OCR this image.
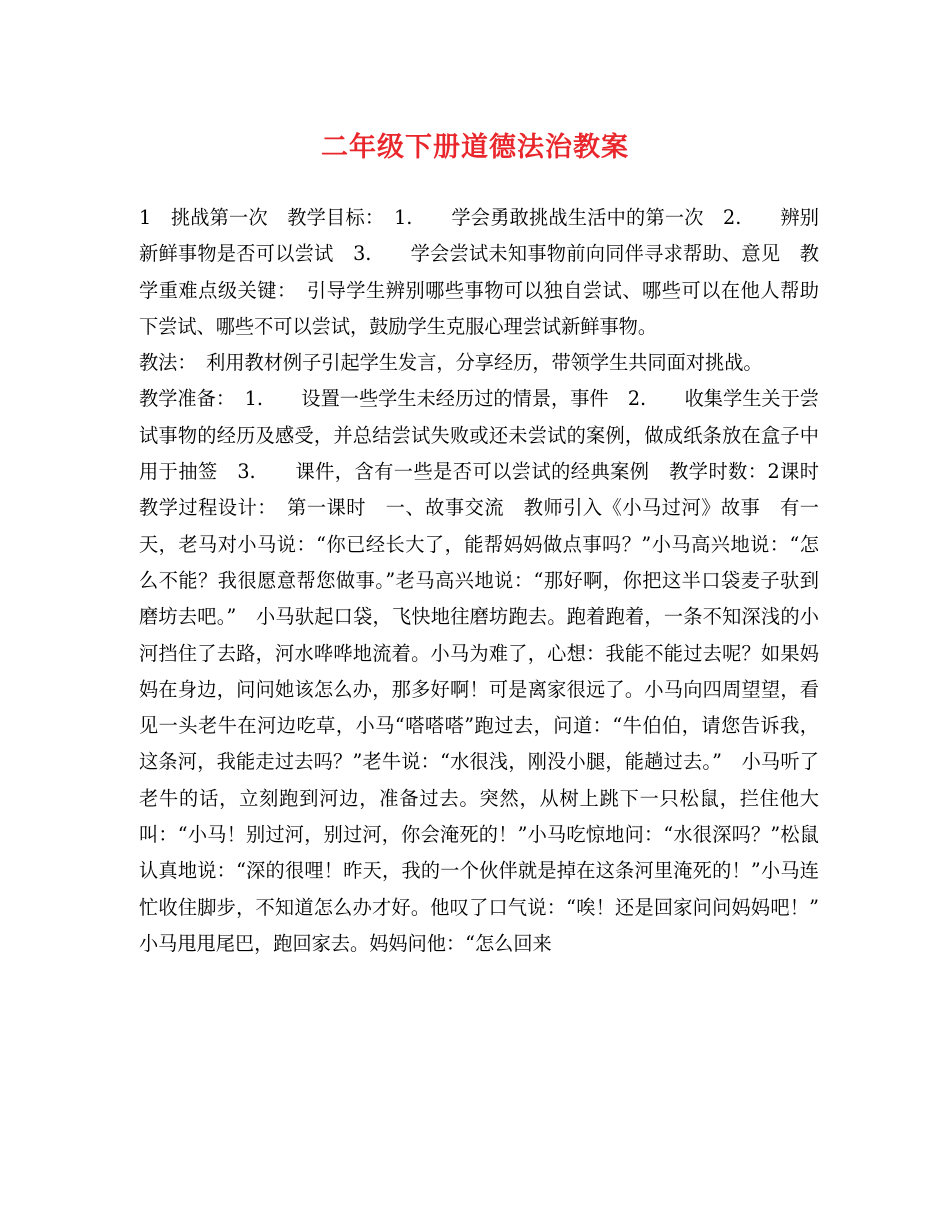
二年级下册道德法治教案

1　挑战第一次　教学目标：　1.　　学会勇敢挑战生活中的第一次　2.　　辨别新鲜事物是否可以尝试　3.　　学会尝试未知事物前向同伴寻求帮助、意见　教学重难点级关键：　引导学生辨别哪些事物可以独自尝试、哪些可以在他人帮助下尝试、哪些不可以尝试，鼓励学生克服心理尝试新鲜事物。

教法：　利用教材例子引起学生发言，分享经历，带领学生共同面对挑战。

教学准备：　1.　　设置一些学生未经历过的情景，事件　2.　　收集学生关于尝试事物的经历及感受，并总结尝试失败或还未尝试的案例，做成纸条放在盒子中用于抽签　3.　　课件，含有一些是否可以尝试的经典案例　教学时数：2课时　教学过程设计：　第一课时　一、故事交流　教师引入《小马过河》故事　有一天，老马对小马说：“你已经长大了，能帮妈妈做点事吗？”小马高兴地说：“怎么不能？我很愿意帮您做事。”老马高兴地说：“那好啊，你把这半口袋麦子驮到磨坊去吧。”　小马驮起口袋，飞快地往磨坊跑去。跑着跑着，一条不知深浅的小河挡住了去路，河水哗哗地流着。小马为难了，心想：我能不能过去呢？如果妈妈在身边，问问她该怎么办，那多好啊！可是离家很远了。小马向四周望望，看见一头老牛在河边吃草，小马“嗒嗒嗒”跑过去，问道：“牛伯伯，请您告诉我，这条河，我能走过去吗？”老牛说：“水很浅，刚没小腿，能趟过去。”　小马听了老牛的话，立刻跑到河边，准备过去。突然，从树上跳下一只松鼠，拦住他大叫：“小马！别过河，别过河，你会淹死的！”小马吃惊地问：“水很深吗？”松鼠认真地说：“深的很哩！昨天，我的一个伙伴就是掉在这条河里淹死的！”小马连忙收住脚步，不知道怎么办才好。他叹了口气说：“唉！还是回家问问妈妈吧！”　　小马甩甩尾巴，跑回家去。妈妈问他：“怎么回来
